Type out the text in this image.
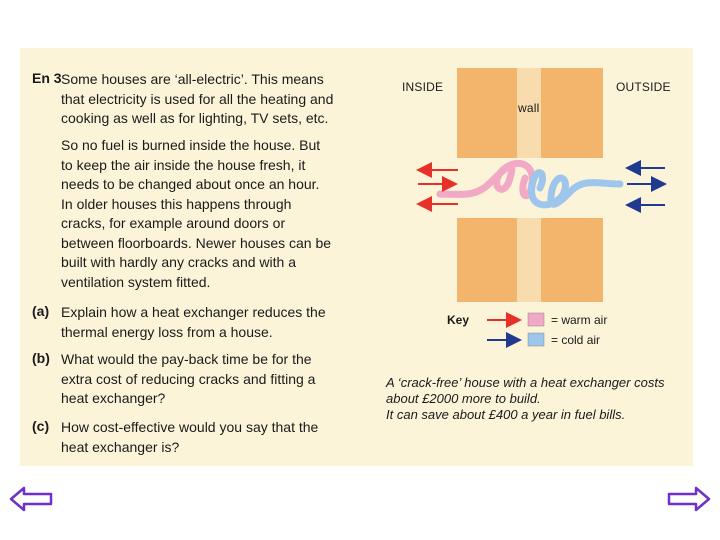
En 3 Some houses are ‘all-electric’. This means
that electricity is used for all the heating and
cooking as well as for lighting, TV sets, etc.
So no fuel is burned inside the house. But
to keep the air inside the house fresh, it
needs to be changed about once an hour.
In older houses this happens through
cracks, for example around doors or
between floorboards. Newer houses can be
built with hardly any cracks and with a
ventilation system fitted.
(a) Explain how a heat exchanger reduces the
thermal energy loss from a house.
(b) What would the pay-back time be for the
extra cost of reducing cracks and fitting a
heat exchanger?
(c) How cost-effective would you say that the
heat exchanger is?
INSIDE	OUTSIDE
wall
Key	= warm air
= cold air
A ‘crack-free’ house with a heat exchanger costs
about £2000 more to build.
It can save about £400 a year in fuel bills.
